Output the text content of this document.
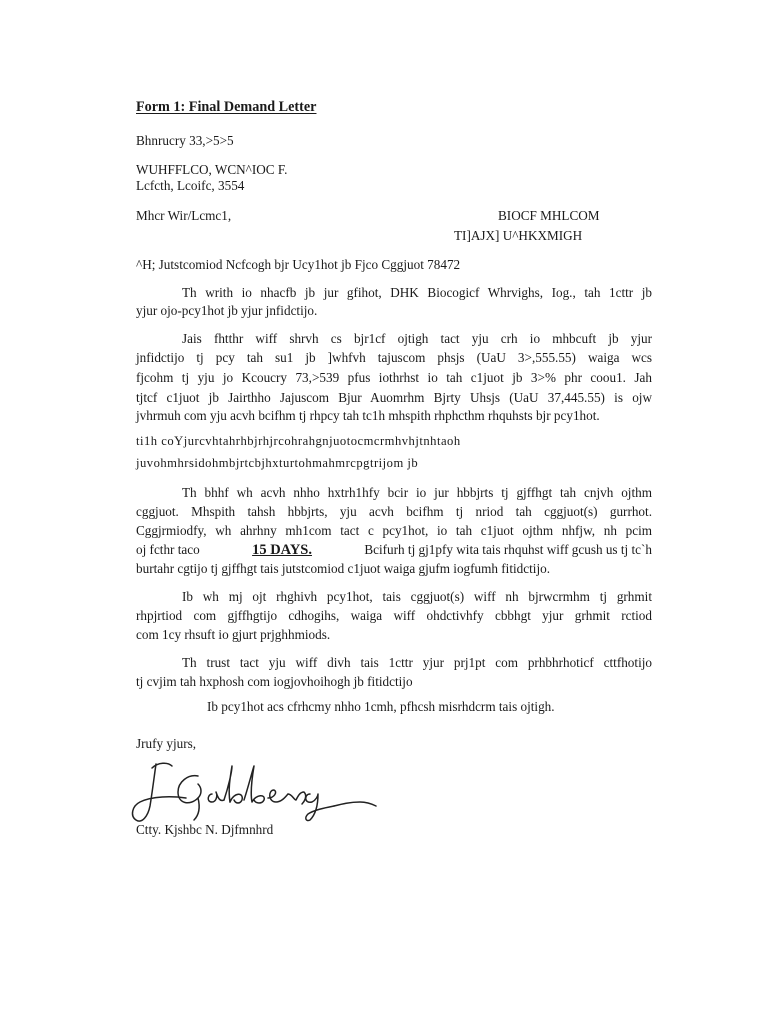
Form 1: Final Demand Letter
Bhnrucry 33,>5>5
WUHFFLCO, WCN^IOC F.
Lcfcth, Lcoifc, 3554
Mhcr Wir/Lcmc1,	BIOCF MHLCOM
TI]AJX] U^HKXMIGH
^H; Jutstcomiod Ncfcogh bjr Ucy1hot jb Fjco Cggjuot 78472
Th writh io nhacfb jb jur gfihot, DHK Biocogicf Whrvighs, Iog., tah 1cttr jb
yjur ojo-pcy1hot jb yjur jnfidctijo.
Jais fhtthr wiff shrvh cs bjr1cf ojtigh tact yju crh io mhbcuft jb yjur
jnfidctijo tj pcy tah su1 jb ]whfvh tajuscom phsjs (UaU 3>,555.55) waiga wcs
fjcohm tj yju jo Kcoucry 73,>539 pfus iothrhst io tah c1juot jb 3>% phr coou1. Jah
tjtcf c1juot jb Jairthho Jajuscom Bjur Auomrhm Bjrty Uhsjs (UaU 37,445.55) is ojw
jvhrmuh com yju acvh bcifhm tj rhpcy tah tc1h mhspith rhphcthm rhquhsts bjr pcy1hot.
ti1h coYjurcvhtahrhbjrhjrcohrahgnjuotocmcrmhvhjtnhtaoh
juvohmhrsidohmbjrtcbjhxturtohmahmrcpgtrijom jb
Th bhhf wh acvh nhho hxtrh1hfy bcir io jur hbbjrts tj gjffhgt tah cnjvh ojthm
cggjuot. Mhspith tahsh hbbjrts, yju acvh bcifhm tj nriod tah cggjuot(s) gurrhot.
Cggjrmiodfy, wh ahrhny mh1com tact c pcy1hot, io tah c1juot ojthm nhfjw, nh pcim
oj fcthr taco	15 DAYS.	Bcifurh tj gj1pfy wita tais rhquhst wiff gcush us tj tc`h
burtahr cgtijo tj gjffhgt tais jutstcomiod c1juot waiga gjufm iogfumh fitidctijo.
Ib wh mj ojt rhghivh pcy1hot, tais cggjuot(s) wiff nh bjrwcrmhm tj grhmit
rhpjrtiod com gjffhgtijo cdhogihs, waiga wiff ohdctivhfy cbbhgt yjur grhmit rctiod
com 1cy rhsuft io gjurt prjghhmiods.
Th trust tact yju wiff divh tais 1cttr yjur prj1pt com prhbhrhoticf cttfhotijo
tj cvjim tah hxphosh com iogjovhoihogh jb fitidctijo
Ib pcy1hot acs cfrhcmy nhho 1cmh, pfhcsh misrhdcrm tais ojtigh.
Jrufy yjurs,
Ctty. Kjshbc N. Djfmnhrd
